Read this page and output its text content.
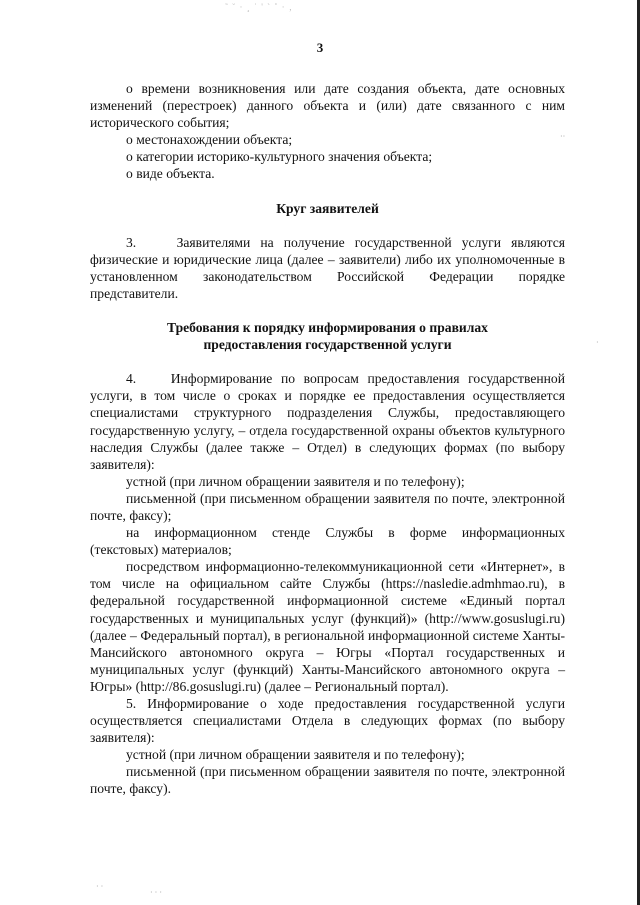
˜ ˘ · ¸ ˙ ' ` ˚ · ‚
··
·
· ·
· · ·
3

о времени возникновения или дате создания объекта, дате основных изменений (перестроек) данного объекта и (или) дате связанного с ним исторического события;

о местонахождении объекта;

о категории историко-культурного значения объекта;

о виде объекта.

Круг заявителей

3.    Заявителями на получение государственной услуги являются физические и юридические лица (далее – заявители) либо их уполномоченные в установленном законодательством Российской Федерации порядке представители.

Требования к порядку информирования о правилах

предоставления государственной услуги

4.    Информирование по вопросам предоставления государственной услуги, в том числе о сроках и порядке ее предоставления осуществляется специалистами структурного подразделения Службы, предоставляющего государственную услугу, – отдела государственной охраны объектов культурного наследия Службы (далее также – Отдел) в следующих формах (по выбору заявителя):

устной (при личном обращении заявителя и по телефону);

письменной (при письменном обращении заявителя по почте, электронной почте, факсу);

на информационном стенде Службы в форме информационных (текстовых) материалов;

посредством информационно-телекоммуникационной сети «Интернет», в том числе на официальном сайте Службы (https://nasledie.admhmao.ru), в федеральной государственной информационной системе «Единый портал государственных и муниципальных услуг (функций)» (http://www.gosuslugi.ru) (далее – Федеральный портал), в региональной информационной системе Ханты-Мансийского автономного округа – Югры «Портал государственных и муниципальных услуг (функций) Ханты-Мансийского автономного округа – Югры» (http://86.gosuslugi.ru) (далее – Региональный портал).

5. Информирование о ходе предоставления государственной услуги осуществляется специалистами Отдела в следующих формах (по выбору заявителя):

устной (при личном обращении заявителя и по телефону);

письменной (при письменном обращении заявителя по почте, электронной почте, факсу).
